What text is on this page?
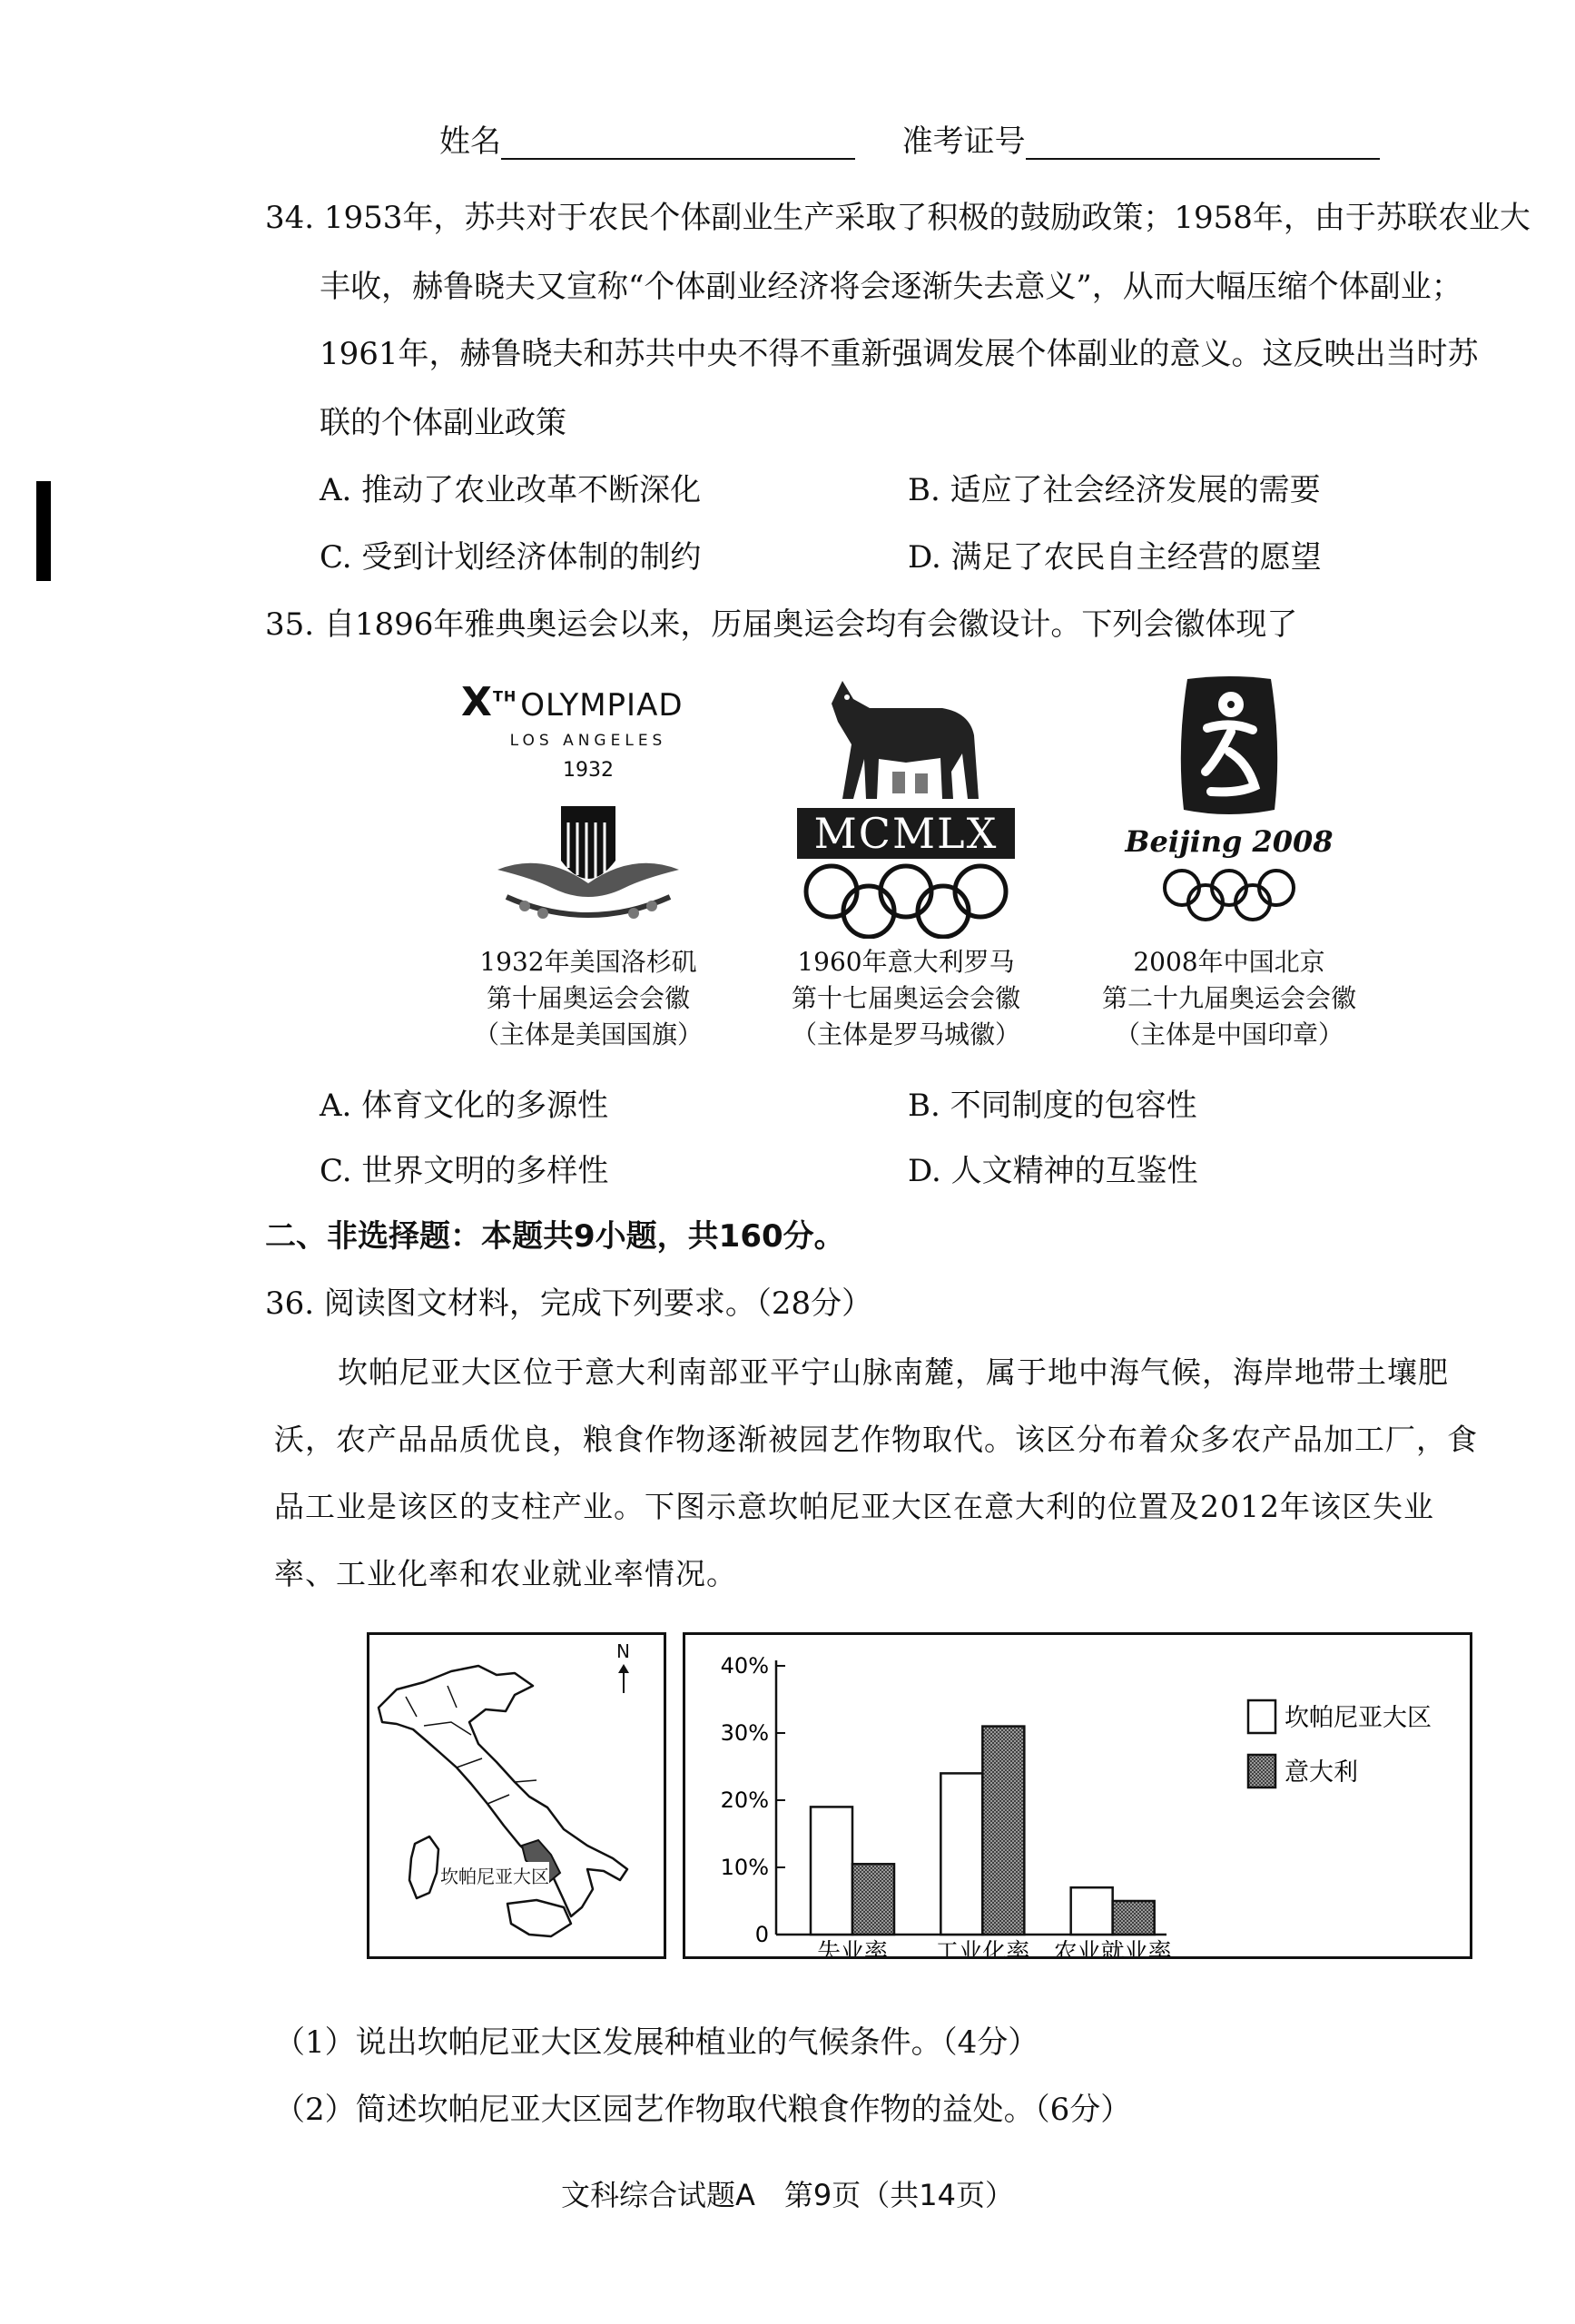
姓名	准考证号
34. 1953年，苏共对于农民个体副业生产采取了积极的鼓励政策；1958年，由于苏联农业大
丰收，赫鲁晓夫又宣称“个体副业经济将会逐渐失去意义”，从而大幅压缩个体副业；
1961年，赫鲁晓夫和苏共中央不得不重新强调发展个体副业的意义。这反映出当时苏
联的个体副业政策
A. 推动了农业改革不断深化	B. 适应了社会经济发展的需要
C. 受到计划经济体制的制约	D. 满足了农民自主经营的愿望
35. 自1896年雅典奥运会以来，历届奥运会均有会徽设计。下列会徽体现了
XTH OLYMPIAD
LOS ANGELES
1932
MCMLX	Beijing 2008
1932年美国洛杉矶
第十届奥运会会徽
（主体是美国国旗）
1960年意大利罗马
第十七届奥运会会徽
（主体是罗马城徽）
2008年中国北京
第二十九届奥运会会徽
（主体是中国印章）
A. 体育文化的多源性	B. 不同制度的包容性
C. 世界文明的多样性	D. 人文精神的互鉴性
二、非选择题：本题共9小题，共160分。
36. 阅读图文材料，完成下列要求。（28分）
坎帕尼亚大区位于意大利南部亚平宁山脉南麓，属于地中海气候，海岸地带土壤肥
沃，农产品品质优良，粮食作物逐渐被园艺作物取代。该区分布着众多农产品加工厂，食
品工业是该区的支柱产业。下图示意坎帕尼亚大区在意大利的位置及2012年该区失业
率、工业化率和农业就业率情况。
N
坎帕尼亚大区
0
10%
20%
30%
40%
失业率 工业化率 农业就业率
坎帕尼亚大区
意大利
（1）说出坎帕尼亚大区发展种植业的气候条件。（4分）
（2）简述坎帕尼亚大区园艺作物取代粮食作物的益处。（6分）
文科综合试题A　第9页（共14页）
